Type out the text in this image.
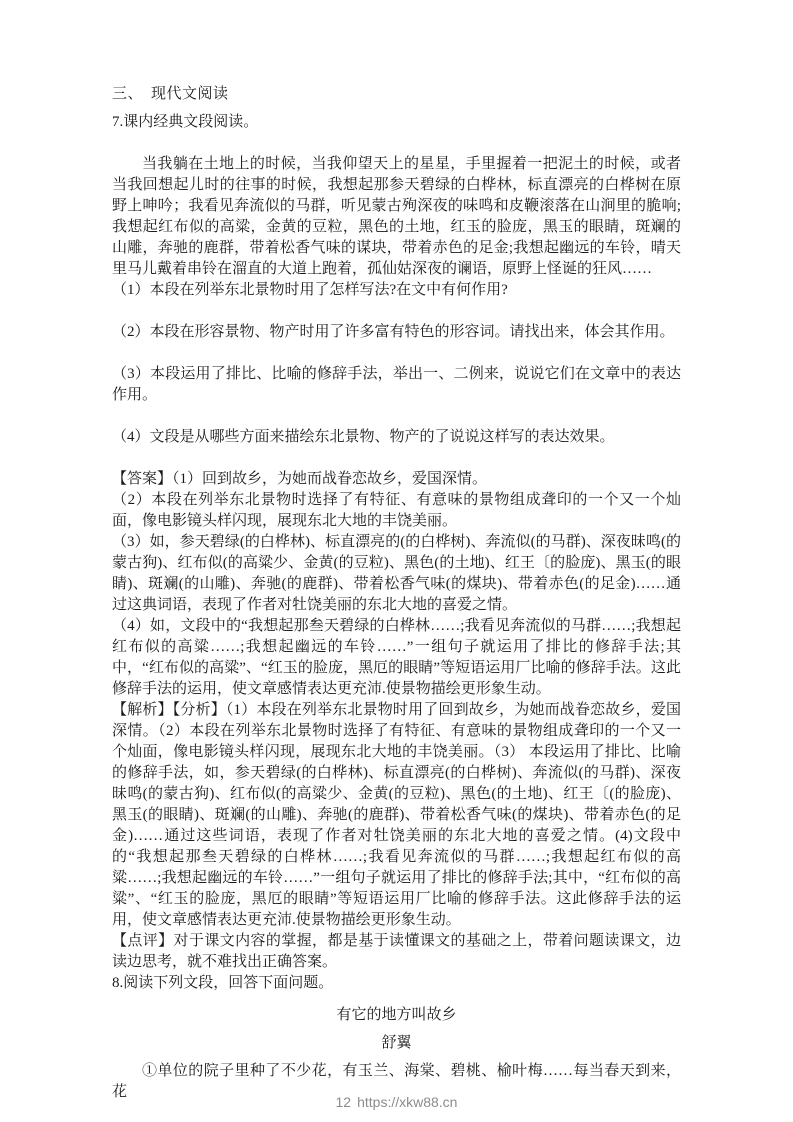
三、　现代文阅读

7.课内经典文段阅读。

当我躺在土地上的时候，当我仰望天上的星星，手里握着一把泥土的时候，或者当我回想起儿时的往事的时候，我想起那参天碧绿的白桦林，标直漂亮的白桦树在原野上呻吟；我看见奔流似的马群，听见蒙古殉深夜的味鸣和皮鞭滚落在山涧里的脆响;我想起红布似的高粱，金黄的豆粒，黑色的土地，红玉的脸庞，黑玉的眼睛，斑斓的山雕，奔驰的鹿群，带着松香气味的谋块，带着赤色的足金;我想起幽远的车铃，晴天里马儿戴着串铃在溜直的大道上跑着，孤仙姑深夜的谰语，原野上怪诞的狂风……

（1）本段在列举东北景物时用了怎样写法?在文中有何作用?

（2）本段在形容景物、物产时用了许多富有特色的形容词。请找出来，体会其作用。

（3）本段运用了排比、比喻的修辞手法，举出一、二例来，说说它们在文章中的表达作用。

（4）文段是从哪些方面来描绘东北景物、物产的了说说这样写的表达效果。

【答案】（1）回到故乡，为她而战眷恋故乡，爱国深情。

（2）本段在列举东北景物时选择了有特征、有意味的景物组成聋印的一个又一个灿面，像电影镜头样闪现，展现东北大地的丰饶美丽。

（3）如，参天碧绿(的白桦林)、标直漂亮的(的白桦树)、奔流似(的马群)、深夜昧鸣(的蒙古狗)、红布似(的高粱少、金黄(的豆粒)、黑色(的土地)、红王〔的脸庞)、黑玉(的眼睛)、斑斓(的山雕)、奔驰(的鹿群)、带着松香气味(的煤块)、带着赤色(的足金)……通过这典词语，表现了作者对牡饶美丽的东北大地的喜爱之情。

（4）如，文段中的“我想起那叁天碧绿的白桦林……;我看见奔流似的马群……;我想起红布似的高粱……;我想起幽远的车铃……”一组句子就运用了排比的修辞手法;其中，“红布似的高粱”、“红玉的脸庞，黑厄的眼睛”等短语运用厂比喻的修辞手法。这此修辞手法的运用，使文章感情表达更充沛.使景物描绘更形象生动。

【解析】【分析】（1）本段在列举东北景物时用了回到故乡，为她而战眷恋故乡，爱国深情。（2）本段在列举东北景物时选择了有特征、有意味的景物组成聋印的一个又一个灿面，像电影镜头样闪现，展现东北大地的丰饶美丽。（3） 本段运用了排比、比喻的修辞手法，如，参天碧绿(的白桦林)、标直漂亮(的白桦树)、奔流似(的马群)、深夜昧鸣(的蒙古狗)、红布似(的高粱少、金黄(的豆粒)、黑色(的土地)、红王〔(的脸庞)、黑玉(的眼睛)、斑斓(的山雕)、奔驰(的鹿群)、带着松香气味(的煤块)、带着赤色(的足金)……通过这些词语，表现了作者对牡饶美丽的东北大地的喜爱之情。(4)文段中的“我想起那叁天碧绿的白桦林……;我看见奔流似的马群……;我想起红布似的高粱……;我想起幽远的车铃……”一组句子就运用了排比的修辞手法;其中，“红布似的高粱”、“红玉的脸庞，黑厄的眼睛”等短语运用厂比喻的修辞手法。这此修辞手法的运用，使文章感情表达更充沛.使景物描绘更形象生动。

【点评】对于课文内容的掌握，都是基于读懂课文的基础之上，带着问题读课文，边读边思考，就不难找出正确答案。

8.阅读下列文段，回答下面问题。

有它的地方叫故乡

舒翼

①单位的院子里种了不少花，有玉兰、海棠、碧桃、榆叶梅……每当春天到来，花

12 https://xkw88.cn
